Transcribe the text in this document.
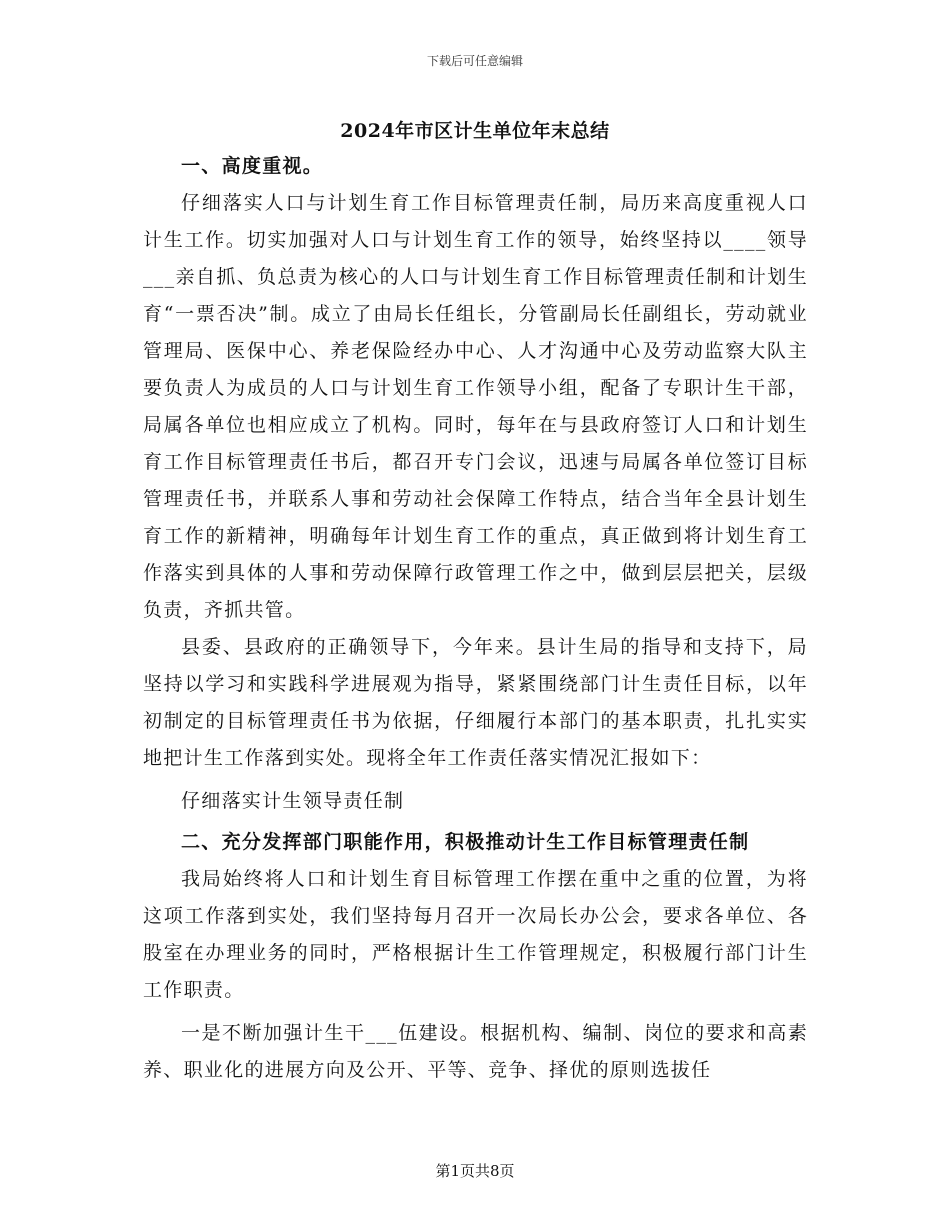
下载后可任意编辑
2024年市区计生单位年末总结
一、高度重视。

仔细落实人口与计划生育工作目标管理责任制，局历来高度重视人口计生工作。切实加强对人口与计划生育工作的领导，始终坚持以____领导___亲自抓、负总责为核心的人口与计划生育工作目标管理责任制和计划生育“一票否决”制。成立了由局长任组长，分管副局长任副组长，劳动就业管理局、医保中心、养老保险经办中心、人才沟通中心及劳动监察大队主要负责人为成员的人口与计划生育工作领导小组，配备了专职计生干部，局属各单位也相应成立了机构。同时，每年在与县政府签订人口和计划生育工作目标管理责任书后，都召开专门会议，迅速与局属各单位签订目标管理责任书，并联系人事和劳动社会保障工作特点，结合当年全县计划生育工作的新精神，明确每年计划生育工作的重点，真正做到将计划生育工作落实到具体的人事和劳动保障行政管理工作之中，做到层层把关，层级负责，齐抓共管。

县委、县政府的正确领导下，今年来。县计生局的指导和支持下，局坚持以学习和实践科学进展观为指导，紧紧围绕部门计生责任目标，以年初制定的目标管理责任书为依据，仔细履行本部门的基本职责，扎扎实实地把计生工作落到实处。现将全年工作责任落实情况汇报如下：

仔细落实计生领导责任制

二、充分发挥部门职能作用，积极推动计生工作目标管理责任制

我局始终将人口和计划生育目标管理工作摆在重中之重的位置，为将这项工作落到实处，我们坚持每月召开一次局长办公会，要求各单位、各股室在办理业务的同时，严格根据计生工作管理规定，积极履行部门计生工作职责。

一是不断加强计生干___伍建设。根据机构、编制、岗位的要求和高素养、职业化的进展方向及公开、平等、竞争、择优的原则选拔任

第1页共8页
